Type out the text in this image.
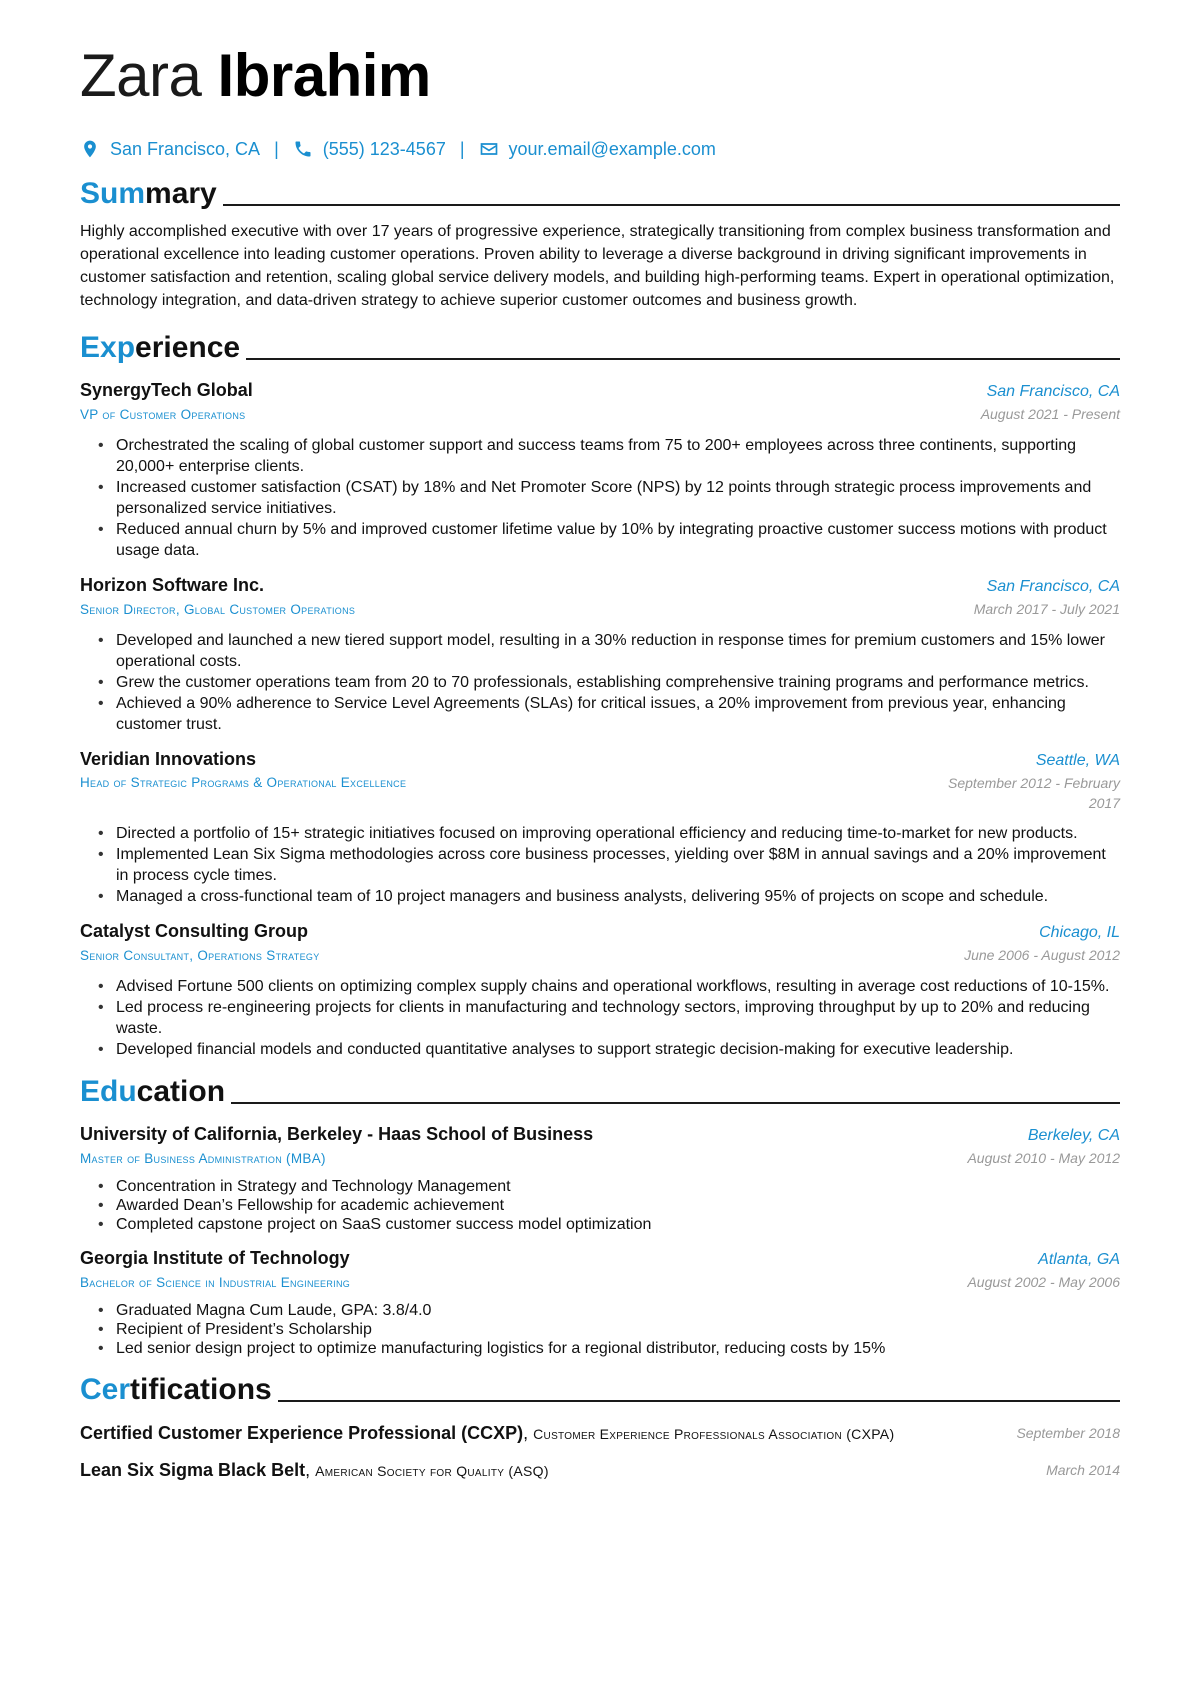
Zara Ibrahim
San Francisco, CA | (555) 123-4567 | your.email@example.com
Summary

Highly accomplished executive with over 17 years of progressive experience, strategically transitioning from complex business transformation and operational excellence into leading customer operations. Proven ability to leverage a diverse background in driving significant improvements in customer satisfaction and retention, scaling global service delivery models, and building high-performing teams. Expert in operational optimization, technology integration, and data-driven strategy to achieve superior customer outcomes and business growth.

Experience
SynergyTech Global	San Francisco, CA
VP of Customer Operations	August 2021 - Present
• Orchestrated the scaling of global customer support and success teams from 75 to 200+ employees across three continents, supporting 20,000+ enterprise clients.
• Increased customer satisfaction (CSAT) by 18% and Net Promoter Score (NPS) by 12 points through strategic process improvements and personalized service initiatives.
• Reduced annual churn by 5% and improved customer lifetime value by 10% by integrating proactive customer success motions with product usage data.
Horizon Software Inc.	San Francisco, CA
Senior Director, Global Customer Operations	March 2017 - July 2021
• Developed and launched a new tiered support model, resulting in a 30% reduction in response times for premium customers and 15% lower operational costs.
• Grew the customer operations team from 20 to 70 professionals, establishing comprehensive training programs and performance metrics.
• Achieved a 90% adherence to Service Level Agreements (SLAs) for critical issues, a 20% improvement from previous year, enhancing customer trust.
Veridian Innovations	Seattle, WA
Head of Strategic Programs & Operational Excellence	September 2012 - February 2017
• Directed a portfolio of 15+ strategic initiatives focused on improving operational efficiency and reducing time-to-market for new products.
• Implemented Lean Six Sigma methodologies across core business processes, yielding over $8M in annual savings and a 20% improvement in process cycle times.
• Managed a cross-functional team of 10 project managers and business analysts, delivering 95% of projects on scope and schedule.
Catalyst Consulting Group	Chicago, IL
Senior Consultant, Operations Strategy	June 2006 - August 2012
• Advised Fortune 500 clients on optimizing complex supply chains and operational workflows, resulting in average cost reductions of 10-15%.
• Led process re-engineering projects for clients in manufacturing and technology sectors, improving throughput by up to 20% and reducing waste.
• Developed financial models and conducted quantitative analyses to support strategic decision-making for executive leadership.
Education
University of California, Berkeley - Haas School of Business	Berkeley, CA
Master of Business Administration (MBA)	August 2010 - May 2012
• Concentration in Strategy and Technology Management
• Awarded Dean’s Fellowship for academic achievement
• Completed capstone project on SaaS customer success model optimization
Georgia Institute of Technology	Atlanta, GA
Bachelor of Science in Industrial Engineering	August 2002 - May 2006
• Graduated Magna Cum Laude, GPA: 3.8/4.0
• Recipient of President’s Scholarship
• Led senior design project to optimize manufacturing logistics for a regional distributor, reducing costs by 15%
Certifications
Certified Customer Experience Professional (CCXP), Customer Experience Professionals Association (CXPA)	September 2018
Lean Six Sigma Black Belt, American Society for Quality (ASQ)	March 2014
